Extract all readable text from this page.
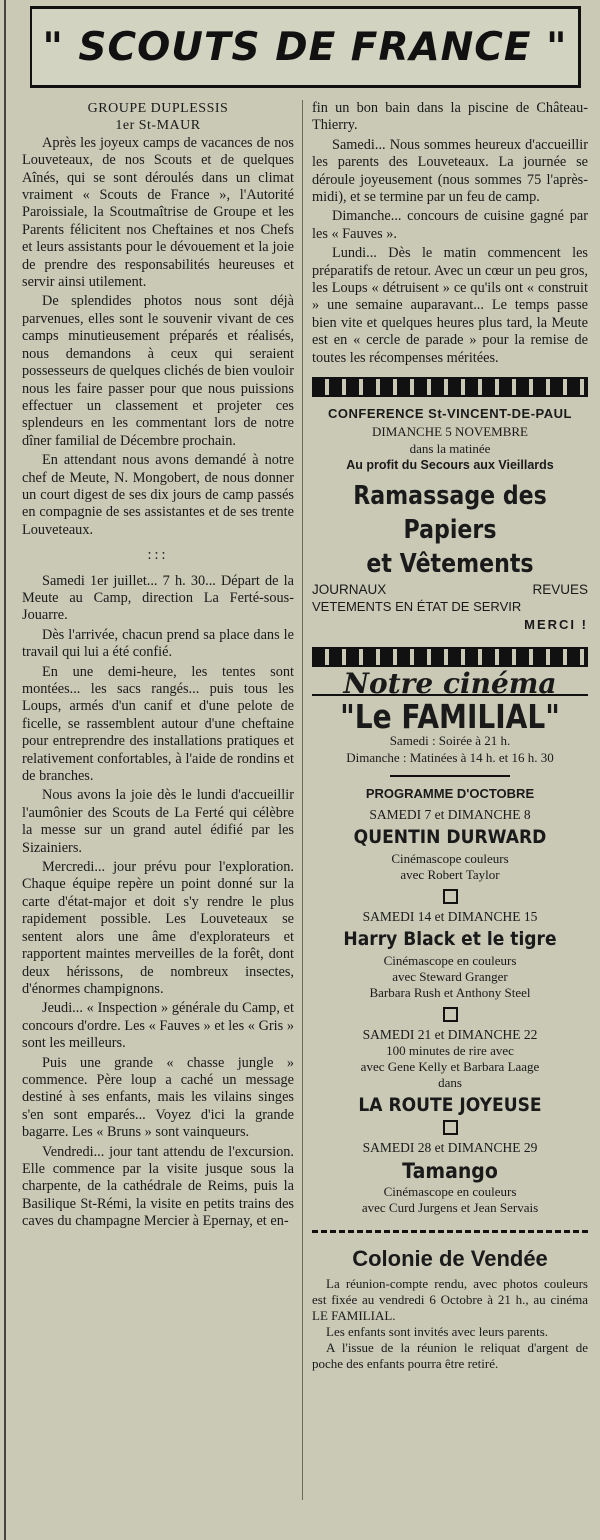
" SCOUTS DE FRANCE "
GROUPE DUPLESSIS
1er St-MAUR

Après les joyeux camps de vacances de nos Louveteaux, de nos Scouts et de quelques Aînés, qui se sont déroulés dans un climat vraiment « Scouts de France », l'Autorité Paroissiale, la Scoutmaîtrise de Groupe et les Parents félicitent nos Cheftaines et nos Chefs et leurs assistants pour le dévouement et la joie de prendre des responsabilités heureuses et servir ainsi utilement.

De splendides photos nous sont déjà parvenues, elles sont le souvenir vivant de ces camps minutieusement préparés et réalisés, nous demandons à ceux qui seraient possesseurs de quelques clichés de bien vouloir nous les faire passer pour que nous puissions effectuer un classement et projeter ces splendeurs en les commentant lors de notre dîner familial de Décembre prochain.

En attendant nous avons demandé à notre chef de Meute, N. Mongobert, de nous donner un court digest de ses dix jours de camp passés en compagnie de ses assistantes et de ses trente Louveteaux.

:::

Samedi 1er juillet... 7 h. 30... Départ de la Meute au Camp, direction La Ferté-sous-Jouarre.

Dès l'arrivée, chacun prend sa place dans le travail qui lui a été confié.

En une demi-heure, les tentes sont montées... les sacs rangés... puis tous les Loups, armés d'un canif et d'une pelote de ficelle, se rassemblent autour d'une cheftaine pour entreprendre des installations pratiques et relativement confortables, à l'aide de rondins et de branches.

Nous avons la joie dès le lundi d'accueillir l'aumônier des Scouts de La Ferté qui célèbre la messe sur un grand autel édifié par les Sizainiers.

Mercredi... jour prévu pour l'exploration. Chaque équipe repère un point donné sur la carte d'état-major et doit s'y rendre le plus rapidement possible. Les Louveteaux se sentent alors une âme d'explorateurs et rapportent maintes merveilles de la forêt, dont deux hérissons, de nombreux insectes, d'énormes champignons.

Jeudi... « Inspection » générale du Camp, et concours d'ordre. Les « Fauves » et les « Gris » sont les meilleurs.

Puis une grande « chasse jungle » commence. Père loup a caché un message destiné à ses enfants, mais les vilains singes s'en sont emparés... Voyez d'ici la grande bagarre. Les « Bruns » sont vainqueurs.

Vendredi... jour tant attendu de l'excursion. Elle commence par la visite jusque sous la charpente, de la cathédrale de Reims, puis la Basilique St-Rémi, la visite en petits trains des caves du champagne Mercier à Epernay, et en-

fin un bon bain dans la piscine de Château-Thierry.

Samedi... Nous sommes heureux d'accueillir les parents des Louveteaux. La journée se déroule joyeusement (nous sommes 75 l'après-midi), et se termine par un feu de camp.

Dimanche... concours de cuisine gagné par les « Fauves ».

Lundi... Dès le matin commencent les préparatifs de retour. Avec un cœur un peu gros, les Loups « détruisent » ce qu'ils ont « construit » une semaine auparavant... Le temps passe bien vite et quelques heures plus tard, la Meute est en « cercle de parade » pour la remise de toutes les récompenses méritées.

CONFERENCE St-VINCENT-DE-PAUL
DIMANCHE 5 NOVEMBRE
dans la matinée
Au profit du Secours aux Vieillards
Ramassage des Papiers
et Vêtements
JOURNAUX	REVUES
VETEMENTS EN ÉTAT DE SERVIR
MERCI !
Notre cinéma
"Le FAMILIAL"
Samedi : Soirée à 21 h.
Dimanche : Matinées à 14 h. et 16 h. 30
PROGRAMME D'OCTOBRE
SAMEDI 7 et DIMANCHE 8
QUENTIN DURWARD
Cinémascope couleurs
avec Robert Taylor
SAMEDI 14 et DIMANCHE 15
Harry Black et le tigre
Cinémascope en couleurs
avec Steward Granger
Barbara Rush et Anthony Steel
SAMEDI 21 et DIMANCHE 22
100 minutes de rire avec
avec Gene Kelly et Barbara Laage
dans
LA ROUTE JOYEUSE
SAMEDI 28 et DIMANCHE 29
Tamango
Cinémascope en couleurs
avec Curd Jurgens et Jean Servais
Colonie de Vendée

La réunion-compte rendu, avec photos couleurs est fixée au vendredi 6 Octobre à 21 h., au cinéma LE FAMILIAL.

Les enfants sont invités avec leurs parents.

A l'issue de la réunion le reliquat d'argent de poche des enfants pourra être retiré.
